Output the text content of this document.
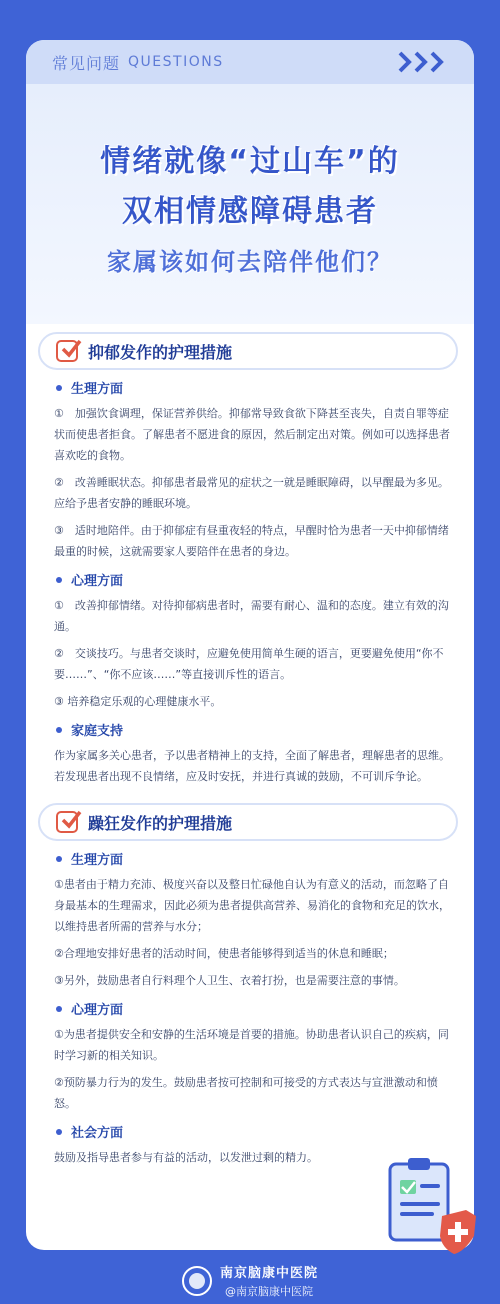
常见问题 QUESTIONS
情绪就像“过山车”的
双相情感障碍患者
家属该如何去陪伴他们？
抑郁发作的护理措施
生理方面

①　加强饮食调理，保证营养供给。抑郁常导致食欲下降甚至丧失，自责自罪等症状而使患者拒食。了解患者不愿进食的原因，然后制定出对策。例如可以选择患者喜欢吃的食物。

②　改善睡眠状态。抑郁患者最常见的症状之一就是睡眠障碍，以早醒最为多见。应给予患者安静的睡眠环境。

③　适时地陪伴。由于抑郁症有昼重夜轻的特点，早醒时恰为患者一天中抑郁情绪最重的时候，这就需要家人要陪伴在患者的身边。

心理方面

①　改善抑郁情绪。对待抑郁病患者时，需要有耐心、温和的态度。建立有效的沟通。

②　交谈技巧。与患者交谈时，应避免使用简单生硬的语言，更要避免使用“你不要……”、“你不应该……”等直接训斥性的语言。

③ 培养稳定乐观的心理健康水平。

家庭支持

作为家属多关心患者，予以患者精神上的支持，全面了解患者，理解患者的思维。若发现患者出现不良情绪，应及时安抚，并进行真诚的鼓励，不可训斥争论。

躁狂发作的护理措施
生理方面

①患者由于精力充沛、极度兴奋以及整日忙碌他自认为有意义的活动，而忽略了自身最基本的生理需求，因此必须为患者提供高营养、易消化的食物和充足的饮水，以维持患者所需的营养与水分；

②合理地安排好患者的活动时间，使患者能够得到适当的休息和睡眠；

③另外，鼓励患者自行料理个人卫生、衣着打扮，也是需要注意的事情。

心理方面

①为患者提供安全和安静的生活环境是首要的措施。协助患者认识自己的疾病，同时学习新的相关知识。

②预防暴力行为的发生。鼓励患者按可控制和可接受的方式表达与宣泄激动和愤怒。

社会方面

鼓励及指导患者参与有益的活动，以发泄过剩的精力。

南京脑康中医院
@南京脑康中医院
